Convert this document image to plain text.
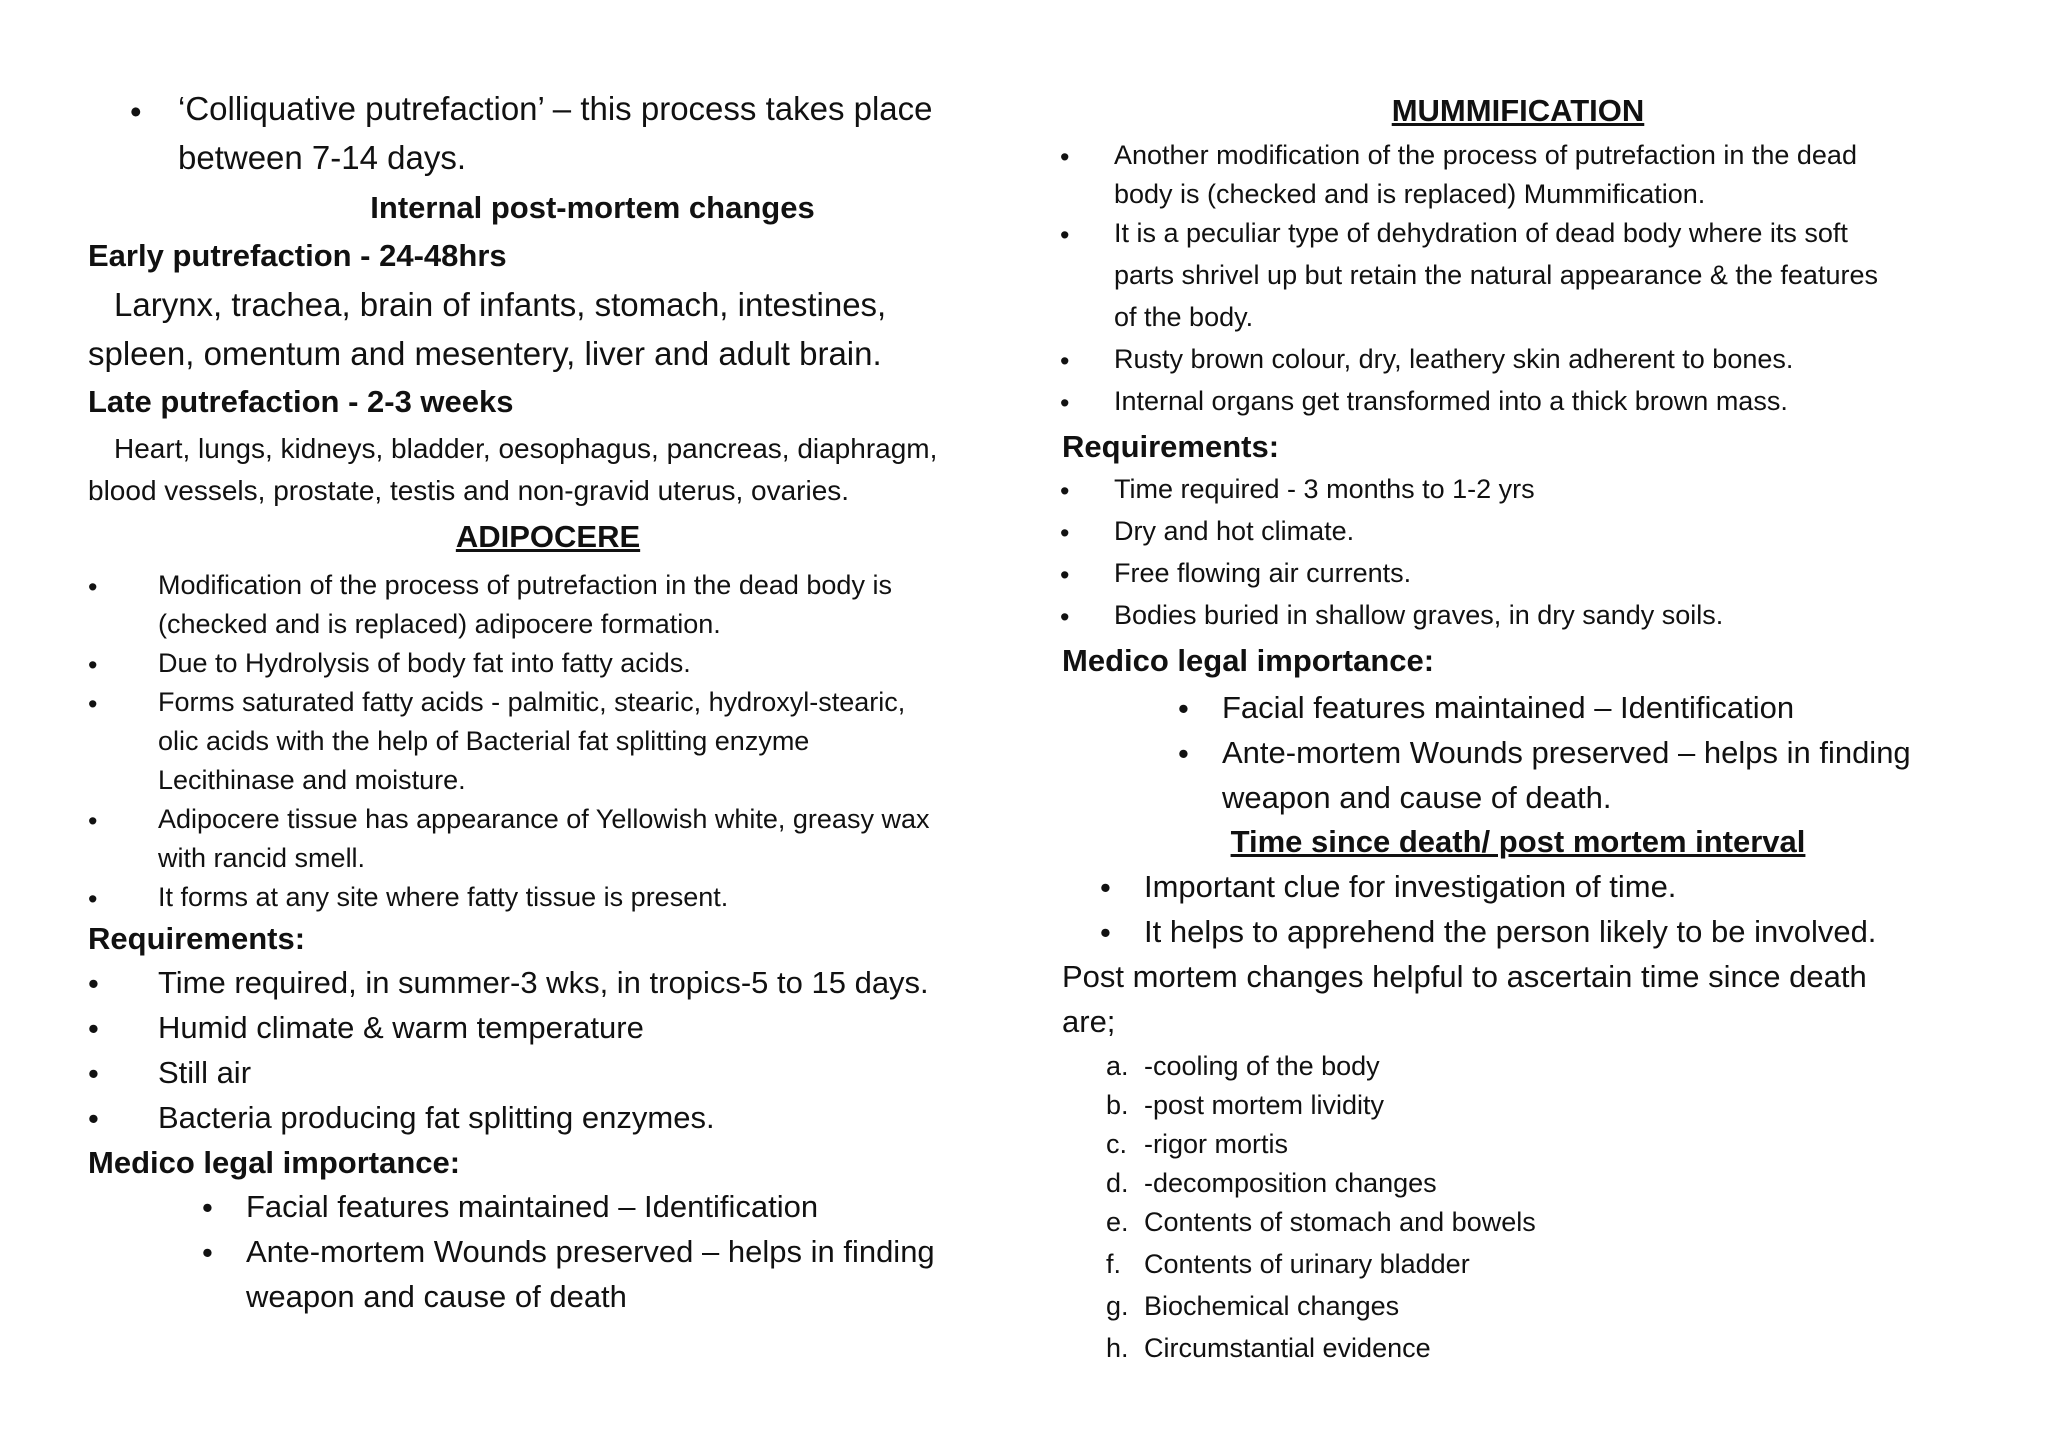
• ‘Colliquative putrefaction’ – this process takes place
between 7-14 days.
Internal post-mortem changes
Early putrefaction - 24-48hrs
Larynx, trachea, brain of infants, stomach, intestines,
spleen, omentum and mesentery, liver and adult brain.
Late putrefaction - 2-3 weeks
Heart, lungs, kidneys, bladder, oesophagus, pancreas, diaphragm,
blood vessels, prostate, testis and non-gravid uterus, ovaries.
ADIPOCERE
• Modification of the process of putrefaction in the dead body is
(checked and is replaced) adipocere formation.
• Due to Hydrolysis of body fat into fatty acids.
• Forms saturated fatty acids - palmitic, stearic, hydroxyl-stearic,
olic acids with the help of Bacterial fat splitting enzyme
Lecithinase and moisture.
• Adipocere tissue has appearance of Yellowish white, greasy wax
with rancid smell.
• It forms at any site where fatty tissue is present.
Requirements:
• Time required, in summer-3 wks, in tropics-5 to 15 days.
• Humid climate & warm temperature
• Still air
• Bacteria producing fat splitting enzymes.
Medico legal importance:
• Facial features maintained – Identification
• Ante-mortem Wounds preserved – helps in finding
weapon and cause of death
MUMMIFICATION
• Another modification of the process of putrefaction in the dead
body is (checked and is replaced) Mummification.
• It is a peculiar type of dehydration of dead body where its soft
parts shrivel up but retain the natural appearance & the features
of the body.
• Rusty brown colour, dry, leathery skin adherent to bones.
• Internal organs get transformed into a thick brown mass.
Requirements:
• Time required - 3 months to 1-2 yrs
• Dry and hot climate.
• Free flowing air currents.
• Bodies buried in shallow graves, in dry sandy soils.
Medico legal importance:
• Facial features maintained – Identification
• Ante-mortem Wounds preserved – helps in finding
weapon and cause of death.
Time since death/ post mortem interval
• Important clue for investigation of time.
• It helps to apprehend the person likely to be involved.
Post mortem changes helpful to ascertain time since death
are;
a. -cooling of the body
b. -post mortem lividity
c. -rigor mortis
d. -decomposition changes
e. Contents of stomach and bowels
f. Contents of urinary bladder
g. Biochemical changes
h. Circumstantial evidence
